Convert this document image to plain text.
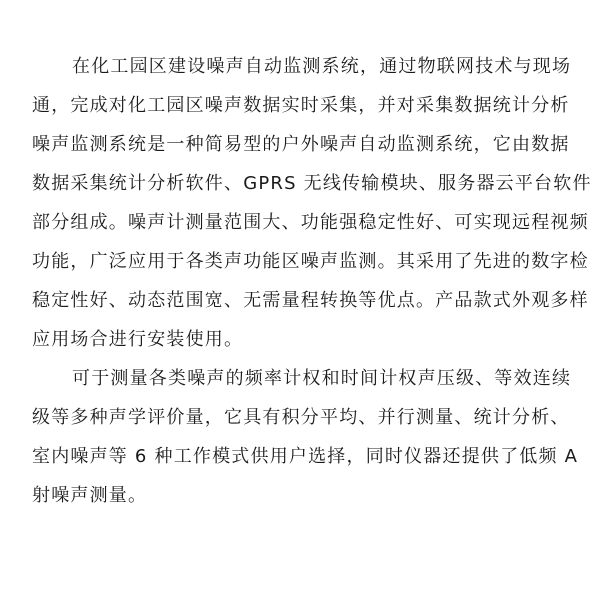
在化工园区建设噪声自动监测系统，通过物联网技术与现场
通，完成对化工园区噪声数据实时采集，并对采集数据统计分析
噪声监测系统是一种简易型的户外噪声自动监测系统，它由数据
数据采集统计分析软件、GPRS 无线传输模块、服务器云平台软件
部分组成。噪声计测量范围大、功能强稳定性好、可实现远程视频
功能，广泛应用于各类声功能区噪声监测。其采用了先进的数字检
稳定性好、动态范围宽、无需量程转换等优点。产品款式外观多样
应用场合进行安装使用。
可于测量各类噪声的频率计权和时间计权声压级、等效连续
级等多种声学评价量，它具有积分平均、并行测量、统计分析、
室内噪声等 6 种工作模式供用户选择，同时仪器还提供了低频 A
射噪声测量。
